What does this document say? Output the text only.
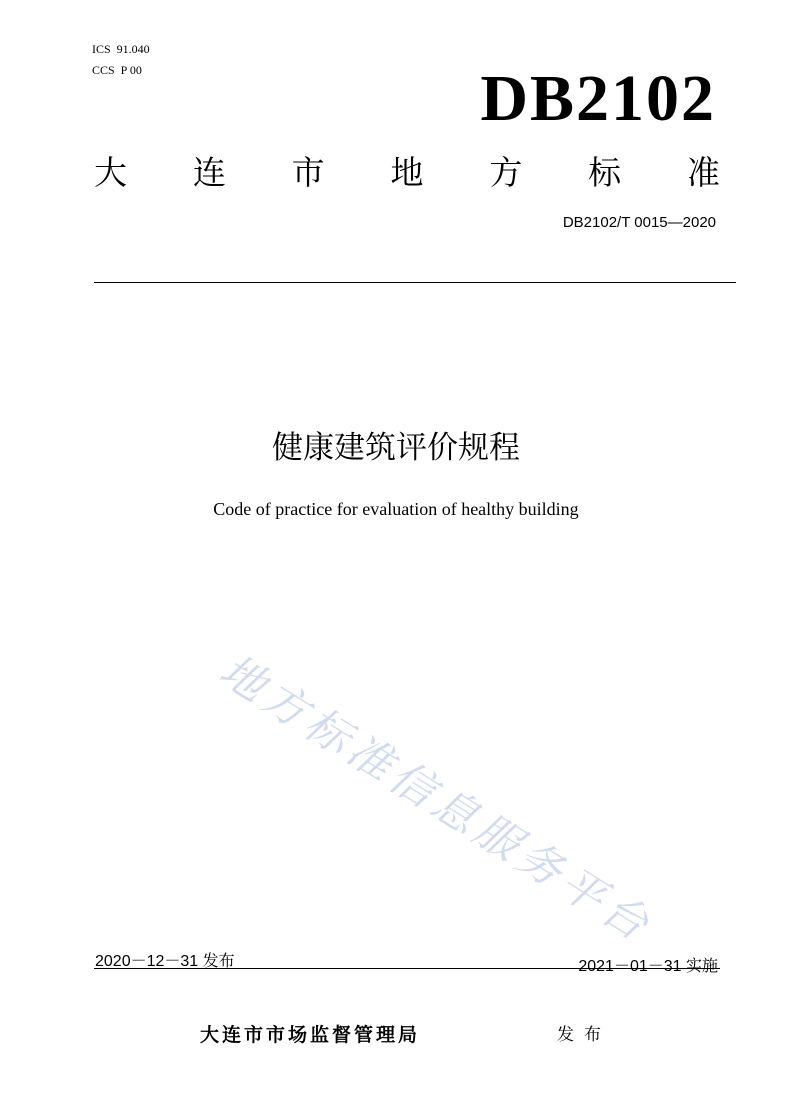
ICS  91.040
CCS  P 00	DB2102
大 连 市 地 方 标 准
DB2102/T 0015—2020
健康建筑评价规程
Code of practice for evaluation of healthy building
地方标准信息服务平台
2020－12－31 发布	2021－01－31 实施
大连市市场监督管理局	发布
